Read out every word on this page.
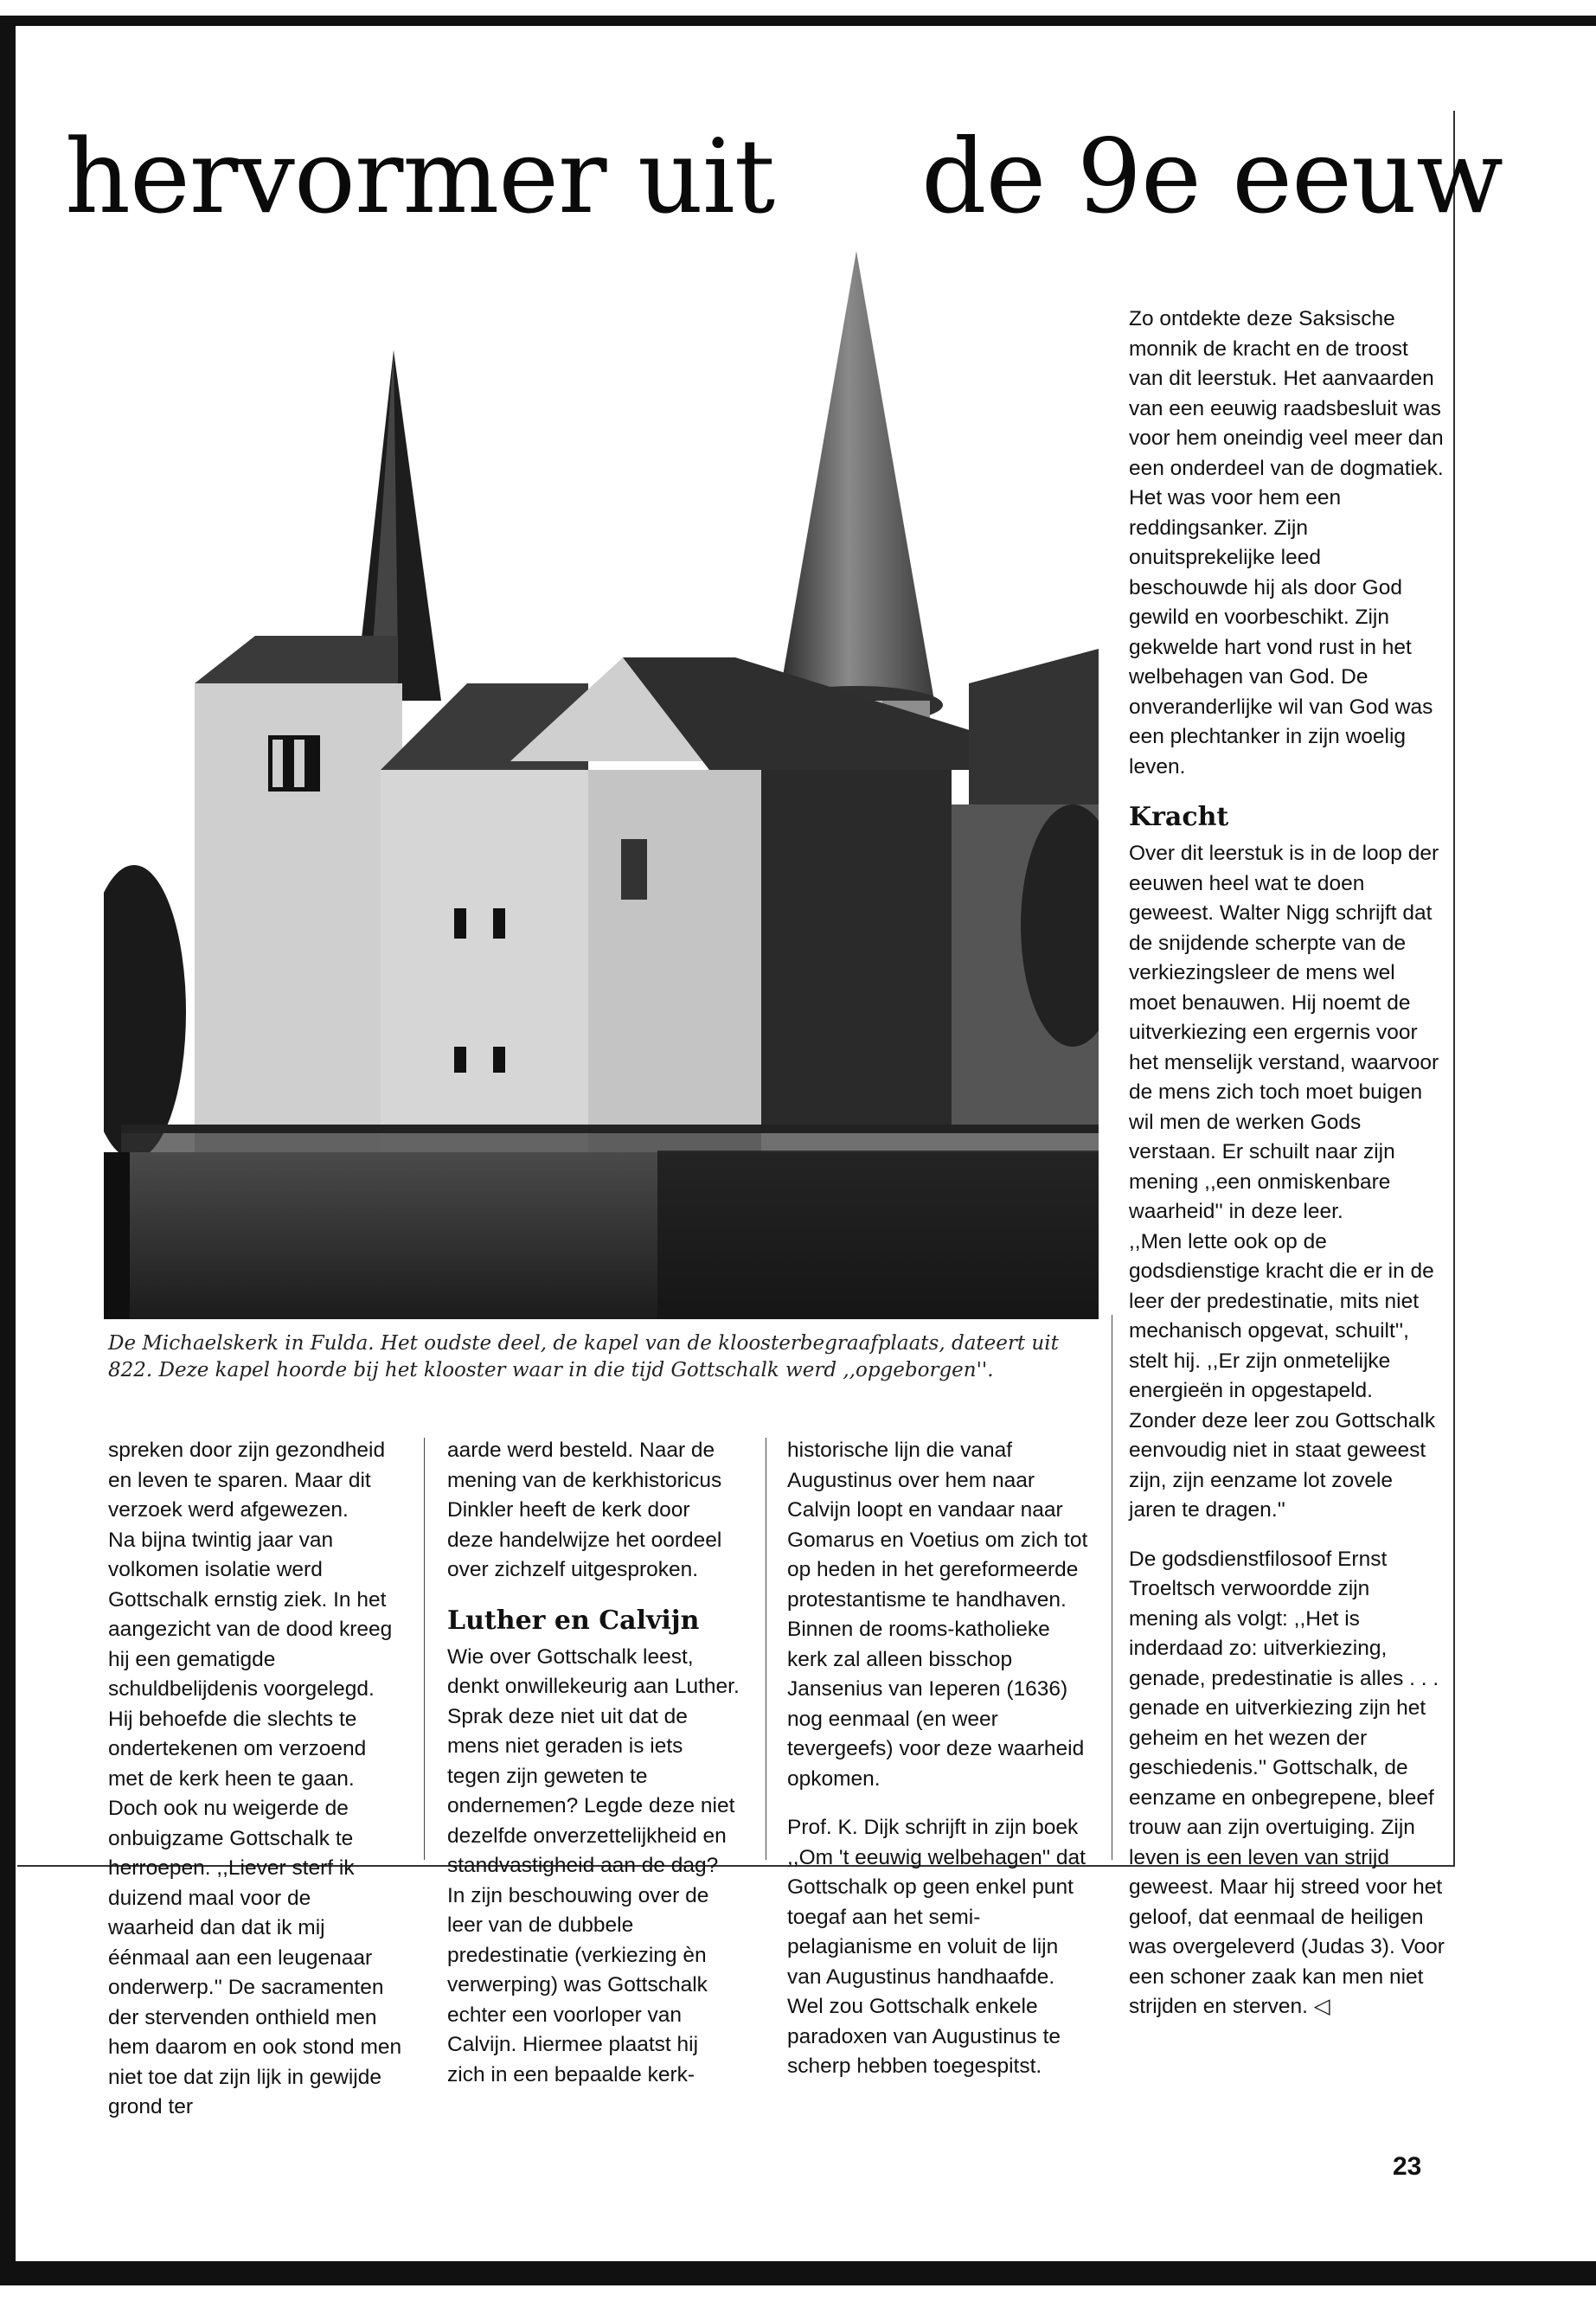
hervormer uit de 9e eeuw
De Michaelskerk in Fulda. Het oudste deel, de kapel van de kloosterbegraafplaats, dateert uit 822. Deze kapel hoorde bij het klooster waar in die tijd Gottschalk werd ,,opgeborgen''.

Zo ontdekte deze Saksische monnik de kracht en de troost van dit leerstuk. Het aanvaarden van een eeuwig raadsbesluit was voor hem oneindig veel meer dan een onderdeel van de dogmatiek. Het was voor hem een reddingsanker. Zijn onuitsprekelijke leed beschouwde hij als door God gewild en voorbeschikt. Zijn gekwelde hart vond rust in het welbehagen van God. De onveranderlijke wil van God was een plechtanker in zijn woelig leven.

Kracht

Over dit leerstuk is in de loop der eeuwen heel wat te doen geweest. Walter Nigg schrijft dat de snijdende scherpte van de verkiezingsleer de mens wel moet benauwen. Hij noemt de uitverkiezing een ergernis voor het menselijk verstand, waarvoor de mens zich toch moet buigen wil men de werken Gods verstaan. Er schuilt naar zijn mening ,,een onmiskenbare waarheid'' in deze leer.

,,Men lette ook op de godsdienstige kracht die er in de leer der predestinatie, mits niet mechanisch opgevat, schuilt'', stelt hij. ,,Er zijn onmetelijke energieën in opgestapeld. Zonder deze leer zou Gottschalk eenvoudig niet in staat geweest zijn, zijn eenzame lot zovele jaren te dragen.''

De godsdienstfilosoof Ernst Troeltsch verwoordde zijn mening als volgt: ,,Het is inderdaad zo: uitverkiezing, genade, predestinatie is alles . . . genade en uitverkiezing zijn het geheim en het wezen der geschiedenis.'' Gottschalk, de eenzame en onbegrepene, bleef trouw aan zijn overtuiging. Zijn leven is een leven van strijd geweest. Maar hij streed voor het geloof, dat eenmaal de heiligen was overgeleverd (Judas 3). Voor een schoner zaak kan men niet strijden en sterven. ◁

spreken door zijn gezondheid en leven te sparen. Maar dit verzoek werd afgewezen.

Na bijna twintig jaar van volkomen isolatie werd Gottschalk ernstig ziek. In het aangezicht van de dood kreeg hij een gematigde schuldbelijdenis voorgelegd. Hij behoefde die slechts te ondertekenen om verzoend met de kerk heen te gaan. Doch ook nu weigerde de onbuigzame Gottschalk te herroepen. ,,Liever sterf ik duizend maal voor de waarheid dan dat ik mij éénmaal aan een leugenaar onderwerp.'' De sacramenten der stervenden onthield men hem daarom en ook stond men niet toe dat zijn lijk in gewijde grond ter

aarde werd besteld. Naar de mening van de kerkhistoricus Dinkler heeft de kerk door deze handelwijze het oordeel over zichzelf uitgesproken.

Luther en Calvijn

Wie over Gottschalk leest, denkt onwillekeurig aan Luther. Sprak deze niet uit dat de mens niet geraden is iets tegen zijn geweten te ondernemen? Legde deze niet dezelfde onverzettelijkheid en standvastigheid aan de dag? In zijn beschouwing over de leer van de dubbele predestinatie (verkiezing èn verwerping) was Gottschalk echter een voorloper van Calvijn. Hiermee plaatst hij zich in een bepaalde kerk-

historische lijn die vanaf Augustinus over hem naar Calvijn loopt en vandaar naar Gomarus en Voetius om zich tot op heden in het gereformeerde protestantisme te handhaven. Binnen de rooms-katholieke kerk zal alleen bisschop Jansenius van Ieperen (1636) nog eenmaal (en weer tevergeefs) voor deze waarheid opkomen.

Prof. K. Dijk schrijft in zijn boek ,,Om 't eeuwig welbehagen'' dat Gottschalk op geen enkel punt toegaf aan het semi-pelagianisme en voluit de lijn van Augustinus handhaafde. Wel zou Gottschalk enkele paradoxen van Augustinus te scherp hebben toegespitst.

23
